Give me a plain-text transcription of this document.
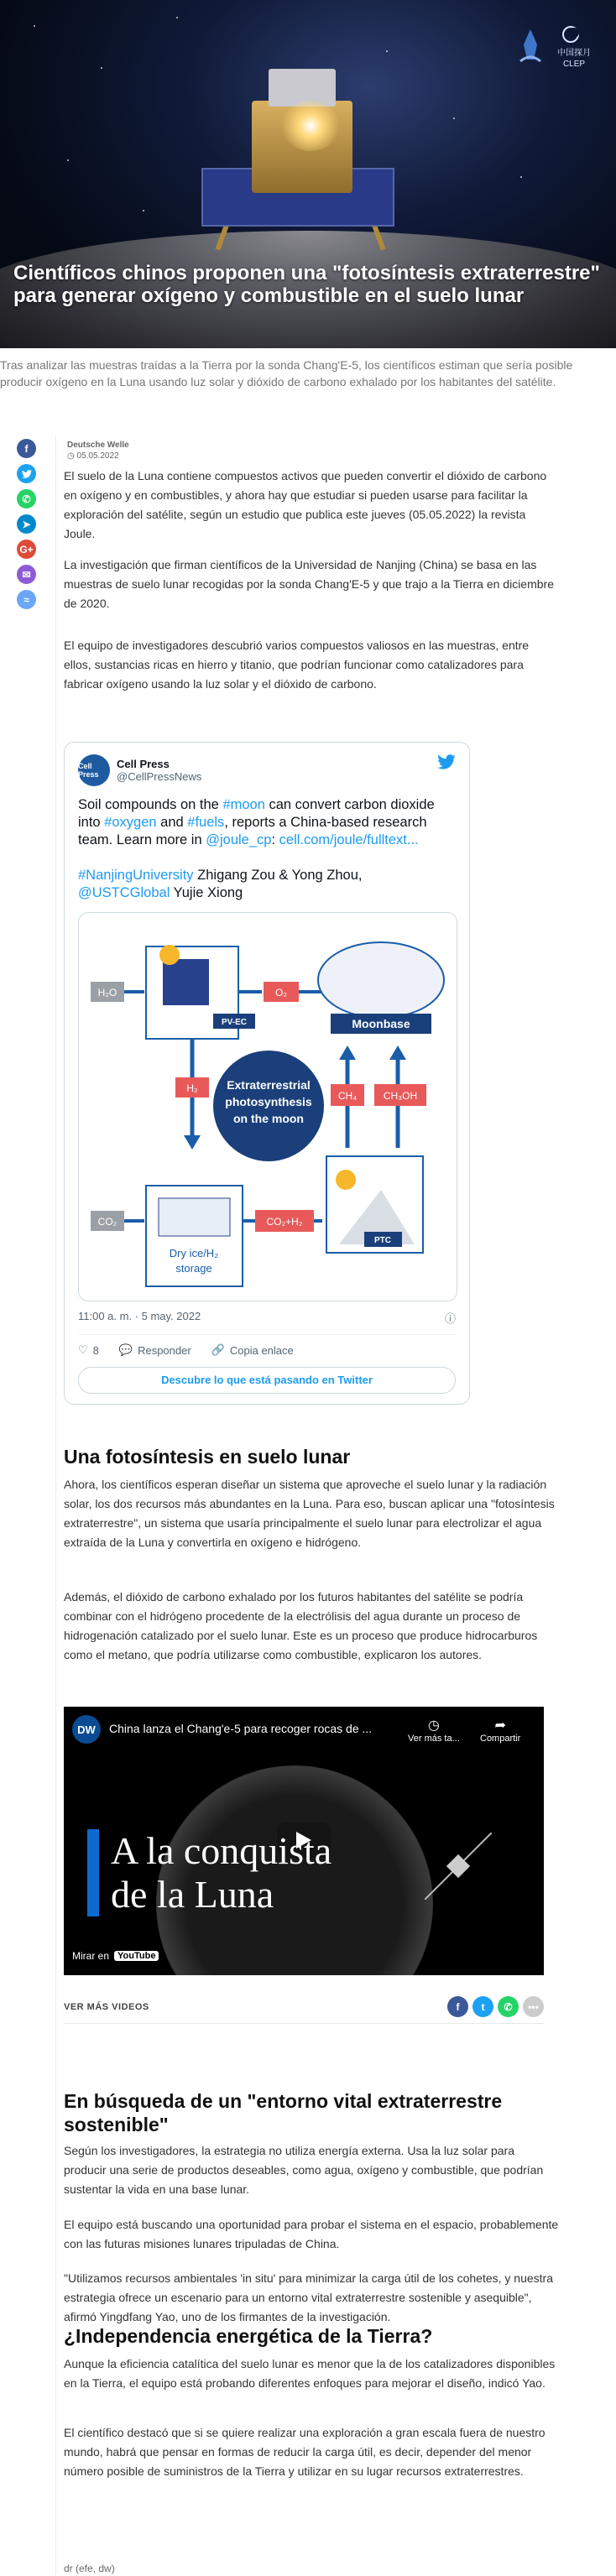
中国探月
CLEP
Científicos chinos proponen una "fotosíntesis extraterrestre" para generar oxígeno y combustible en el suelo lunar

Tras analizar las muestras traídas a la Tierra por la sonda Chang'E-5, los científicos estiman que sería posible producir oxígeno en la Luna usando luz solar y dióxido de carbono exhalado por los habitantes del satélite.

f
✆
➤
G+
✉
≈
Deutsche Welle
◷ 05.05.2022

El suelo de la Luna contiene compuestos activos que pueden convertir el dióxido de carbono en oxígeno y en combustibles, y ahora hay que estudiar si pueden usarse para facilitar la exploración del satélite, según un estudio que publica este jueves (05.05.2022) la revista Joule.

La investigación que firman científicos de la Universidad de Nanjing (China) se basa en las muestras de suelo lunar recogidas por la sonda Chang'E-5 y que trajo a la Tierra en diciembre de 2020.

El equipo de investigadores descubrió varios compuestos valiosos en las muestras, entre ellos, sustancias ricas en hierro y titanio, que podrían funcionar como catalizadores para fabricar oxígeno usando la luz solar y el dióxido de carbono.

Cell Press
Cell Press
@CellPressNews
Soil compounds on the #moon can convert carbon dioxide into #oxygen and #fuels, reports a China-based research team. Learn more in @joule_cp: cell.com/joule/fulltext...

#NanjingUniversity Zhigang Zou & Yong Zhou,
@USTCGlobal Yujie Xiong
PV-EC
H₂O	O₂
Moonbase
H₂ Extraterrestrial
photosynthesis
on the moon
CH₄	CH₃OH
CO₂
Dry ice/H₂
storage
CO₂+H₂
PTC
11:00 a. m. · 5 may. 2022	ⓘ
♡ 8 💬 Responder 🔗 Copia enlace
Descubre lo que está pasando en Twitter
Una fotosíntesis en suelo lunar

Ahora, los científicos esperan diseñar un sistema que aproveche el suelo lunar y la radiación solar, los dos recursos más abundantes en la Luna. Para eso, buscan aplicar una "fotosíntesis extraterrestre", un sistema que usaría principalmente el suelo lunar para electrolizar el agua extraída de la Luna y convertirla en oxígeno e hidrógeno.

Además, el dióxido de carbono exhalado por los futuros habitantes del satélite se podría combinar con el hidrógeno procedente de la electrólisis del agua durante un proceso de hidrogenación catalizado por el suelo lunar. Este es un proceso que produce hidrocarburos como el metano, que podría utilizarse como combustible, explicaron los autores.

DW	China lanza el Chang'e-5 para recoger rocas de ...	◷
Ver más ta...
➦
Compartir
A la conquista de la Luna
Mirar en YouTube
VER MÁS VIDEOS	f	t	✆	•••
En búsqueda de un "entorno vital extraterrestre sostenible"

Según los investigadores, la estrategia no utiliza energía externa. Usa la luz solar para producir una serie de productos deseables, como agua, oxígeno y combustible, que podrían sustentar la vida en una base lunar.

El equipo está buscando una oportunidad para probar el sistema en el espacio, probablemente con las futuras misiones lunares tripuladas de China.

"Utilizamos recursos ambientales 'in situ' para minimizar la carga útil de los cohetes, y nuestra estrategia ofrece un escenario para un entorno vital extraterrestre sostenible y asequible", afirmó Yingdfang Yao, uno de los firmantes de la investigación.

¿Independencia energética de la Tierra?

Aunque la eficiencia catalítica del suelo lunar es menor que la de los catalizadores disponibles en la Tierra, el equipo está probando diferentes enfoques para mejorar el diseño, indicó Yao.

El científico destacó que si se quiere realizar una exploración a gran escala fuera de nuestro mundo, habrá que pensar en formas de reducir la carga útil, es decir, depender del menor número posible de suministros de la Tierra y utilizar en su lugar recursos extraterrestres.

dr (efe, dw)
